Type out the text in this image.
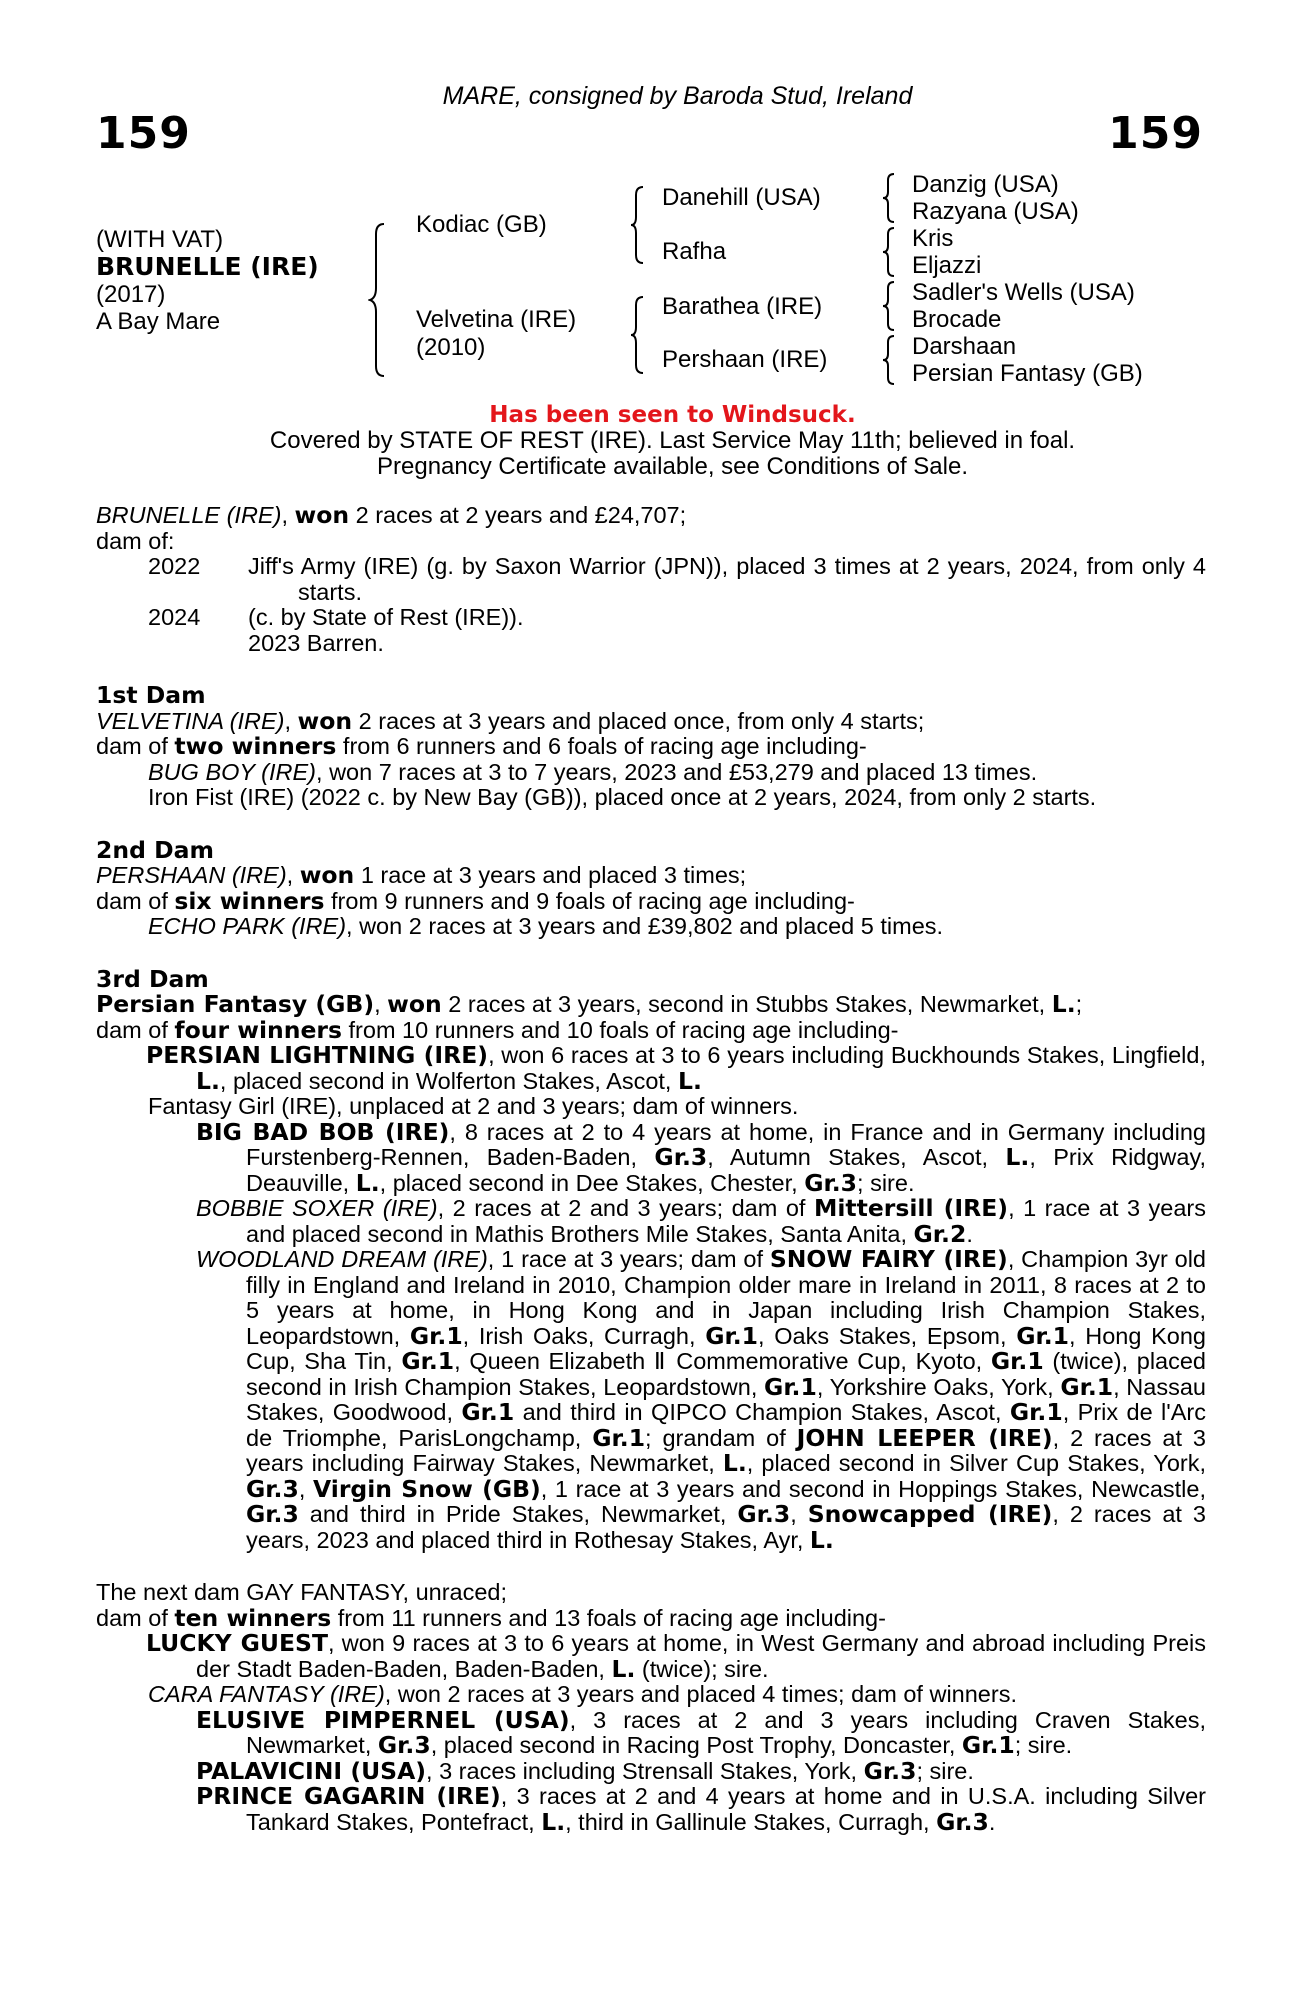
MARE, consigned by Baroda Stud, Ireland
159	159
(WITH VAT)
BRUNELLE (IRE)
(2017)
A Bay Mare
Kodiac (GB)
Velvetina (IRE)
(2010)
Danehill (USA)
Rafha
Barathea (IRE)
Pershaan (IRE)
Danzig (USA)
Razyana (USA)
Kris
Eljazzi
Sadler's Wells (USA)
Brocade
Darshaan
Persian Fantasy (GB)
Has been seen to Windsuck.
Covered by STATE OF REST (IRE). Last Service May 11th; believed in foal.
Pregnancy Certificate available, see Conditions of Sale.

BRUNELLE (IRE), won 2 races at 2 years and £24,707;

dam of:

2022	Jiff's Army (IRE) (g. by Saxon Warrior (JPN)), placed 3 times at 2 years, 2024, from only 4 starts.

2024	(c. by State of Rest (IRE)).

2023 Barren.

1st Dam

VELVETINA (IRE), won 2 races at 3 years and placed once, from only 4 starts;

dam of two winners from 6 runners and 6 foals of racing age including-

BUG BOY (IRE), won 7 races at 3 to 7 years, 2023 and £53,279 and placed 13 times.

Iron Fist (IRE) (2022 c. by New Bay (GB)), placed once at 2 years, 2024, from only 2 starts.

2nd Dam

PERSHAAN (IRE), won 1 race at 3 years and placed 3 times;

dam of six winners from 9 runners and 9 foals of racing age including-

ECHO PARK (IRE), won 2 races at 3 years and £39,802 and placed 5 times.

3rd Dam

Persian Fantasy (GB), won 2 races at 3 years, second in Stubbs Stakes, Newmarket, L.;

dam of four winners from 10 runners and 10 foals of racing age including-

PERSIAN LIGHTNING (IRE), won 6 races at 3 to 6 years including Buckhounds Stakes, Lingfield, L., placed second in Wolferton Stakes, Ascot, L.

Fantasy Girl (IRE), unplaced at 2 and 3 years; dam of winners.

BIG BAD BOB (IRE), 8 races at 2 to 4 years at home, in France and in Germany including Furstenberg-Rennen, Baden-Baden, Gr.3, Autumn Stakes, Ascot, L., Prix Ridgway, Deauville, L., placed second in Dee Stakes, Chester, Gr.3; sire.

BOBBIE SOXER (IRE), 2 races at 2 and 3 years; dam of Mittersill (IRE), 1 race at 3 years and placed second in Mathis Brothers Mile Stakes, Santa Anita, Gr.2.

WOODLAND DREAM (IRE), 1 race at 3 years; dam of SNOW FAIRY (IRE), Champion 3yr old filly in England and Ireland in 2010, Champion older mare in Ireland in 2011, 8 races at 2 to 5 years at home, in Hong Kong and in Japan including Irish Champion Stakes, Leopardstown, Gr.1, Irish Oaks, Curragh, Gr.1, Oaks Stakes, Epsom, Gr.1, Hong Kong Cup, Sha Tin, Gr.1, Queen Elizabeth Ⅱ Commemorative Cup, Kyoto, Gr.1 (twice), placed second in Irish Champion Stakes, Leopardstown, Gr.1, Yorkshire Oaks, York, Gr.1, Nassau Stakes, Goodwood, Gr.1 and third in QIPCO Champion Stakes, Ascot, Gr.1, Prix de l'Arc de Triomphe, ParisLongchamp, Gr.1; grandam of JOHN LEEPER (IRE), 2 races at 3 years including Fairway Stakes, Newmarket, L., placed second in Silver Cup Stakes, York, Gr.3, Virgin Snow (GB), 1 race at 3 years and second in Hoppings Stakes, Newcastle, Gr.3 and third in Pride Stakes, Newmarket, Gr.3, Snowcapped (IRE), 2 races at 3 years, 2023 and placed third in Rothesay Stakes, Ayr, L.

The next dam GAY FANTASY, unraced;

dam of ten winners from 11 runners and 13 foals of racing age including-

LUCKY GUEST, won 9 races at 3 to 6 years at home, in West Germany and abroad including Preis der Stadt Baden-Baden, Baden-Baden, L. (twice); sire.

CARA FANTASY (IRE), won 2 races at 3 years and placed 4 times; dam of winners.

ELUSIVE PIMPERNEL (USA), 3 races at 2 and 3 years including Craven Stakes, Newmarket, Gr.3, placed second in Racing Post Trophy, Doncaster, Gr.1; sire.

PALAVICINI (USA), 3 races including Strensall Stakes, York, Gr.3; sire.

PRINCE GAGARIN (IRE), 3 races at 2 and 4 years at home and in U.S.A. including Silver Tankard Stakes, Pontefract, L., third in Gallinule Stakes, Curragh, Gr.3.
